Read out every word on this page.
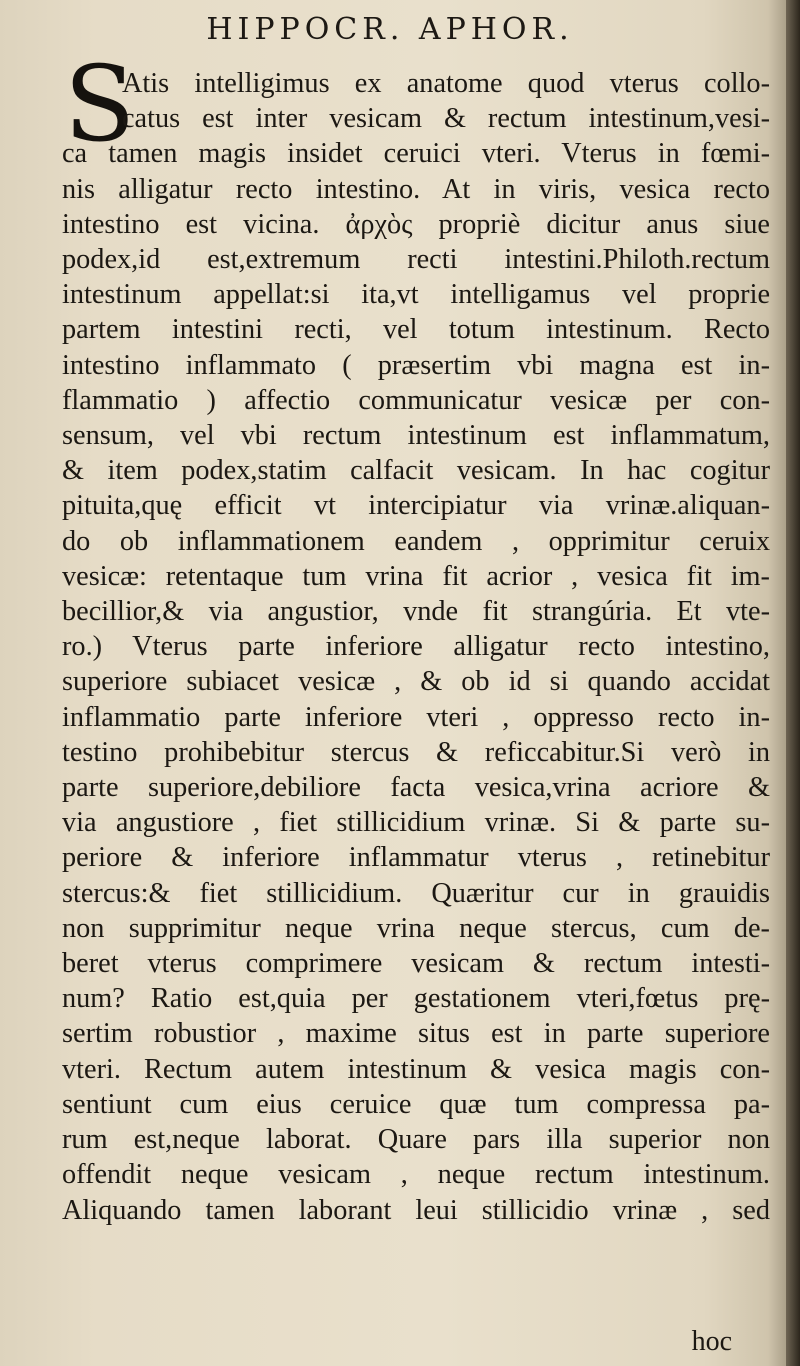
HIPPOCR. APHOR.
S
Atis intelligimus ex anatome quod vterus collo-
catus est inter vesicam & rectum intestinum,vesi-
ca tamen magis insidet ceruici vteri. Vterus in fœmi-
nis alligatur recto intestino. At in viris, vesica recto
intestino est vicina. ἀρχὸς propriè dicitur anus siue
podex,id est,extremum recti intestini.Philoth.rectum
intestinum appellat:si ita,vt intelligamus vel proprie
partem intestini recti, vel totum intestinum. Recto
intestino inflammato ( præsertim vbi magna est in-
flammatio ) affectio communicatur vesicæ per con-
sensum, vel vbi rectum intestinum est inflammatum,
& item podex,statim calfacit vesicam. In hac cogitur
pituita,quę efficit vt intercipiatur via vrinæ.aliquan-
do ob inflammationem eandem , opprimitur ceruix
vesicæ: retentaque tum vrina fit acrior , vesica fit im-
becillior,& via angustior, vnde fit strangúria. Et vte-
ro.) Vterus parte inferiore alligatur recto intestino,
superiore subiacet vesicæ , & ob id si quando accidat
inflammatio parte inferiore vteri , oppresso recto in-
testino prohibebitur stercus & reficcabitur.Si verò in
parte superiore,debiliore facta vesica,vrina acriore &
via angustiore , fiet stillicidium vrinæ. Si & parte su-
periore & inferiore inflammatur vterus , retinebitur
stercus:& fiet stillicidium. Quæritur cur in grauidis
non supprimitur neque vrina neque stercus, cum de-
beret vterus comprimere vesicam & rectum intesti-
num? Ratio est,quia per gestationem vteri,fœtus prę-
sertim robustior , maxime situs est in parte superiore
vteri. Rectum autem intestinum & vesica magis con-
sentiunt cum eius ceruice quæ tum compressa pa-
rum est,neque laborat. Quare pars illa superior non
offendit neque vesicam , neque rectum intestinum.
Aliquando tamen laborant leui stillicidio vrinæ , sed
hoc
